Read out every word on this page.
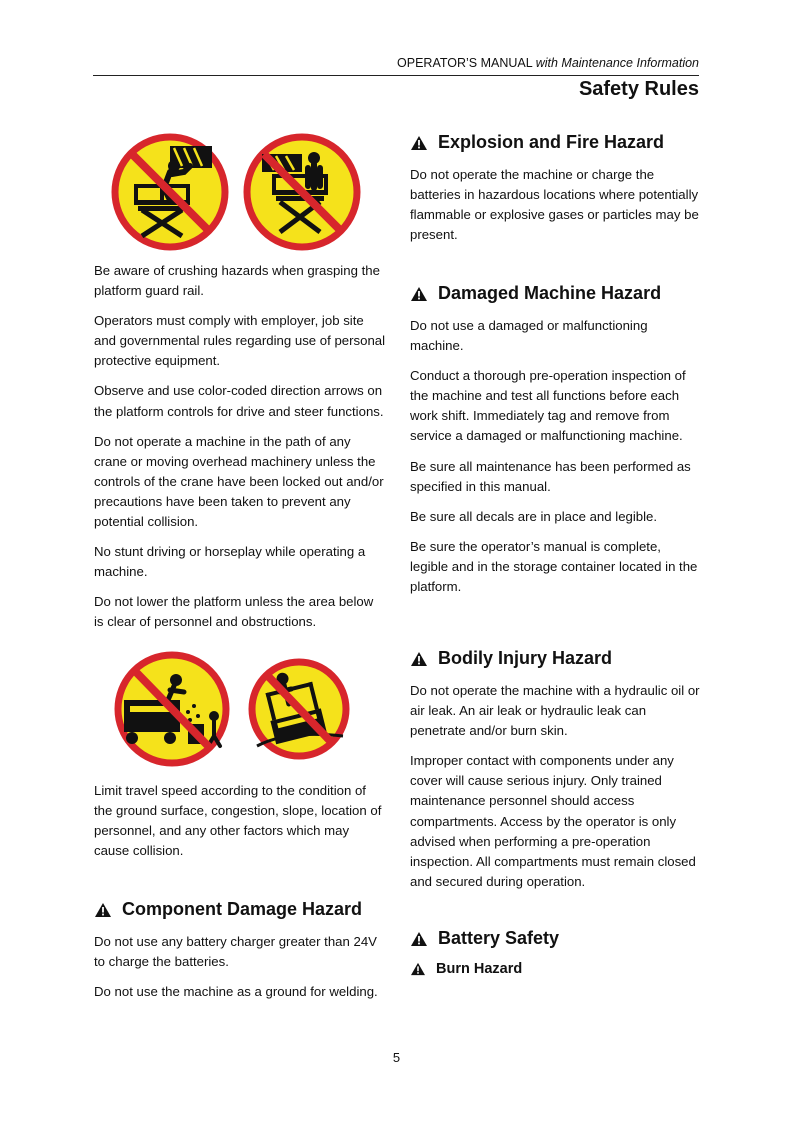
OPERATOR’S MANUAL with Maintenance Information
Safety Rules

Be aware of crushing hazards when grasping the platform guard rail.

Operators must comply with employer, job site and governmental rules regarding use of personal protective equipment.

Observe and use color-coded direction arrows on the platform controls for drive and steer functions.

Do not operate a machine in the path of any crane or moving overhead machinery unless the controls of the crane have been locked out and/or precautions have been taken to prevent any potential collision.

No stunt driving or horseplay while operating a machine.

Do not lower the platform unless the area below is clear of personnel and obstructions.

Limit travel speed according to the condition of the ground surface, congestion, slope, location of personnel, and any other factors which may cause collision.

Component Damage Hazard

Do not use any battery charger greater than 24V to charge the batteries.

Do not use the machine as a ground for welding.

Explosion and Fire Hazard

Do not operate the machine or charge the batteries in hazardous locations where potentially flammable or explosive gases or particles may be present.

Damaged Machine Hazard

Do not use a damaged or malfunctioning machine.

Conduct a thorough pre-operation inspection of the machine and test all functions before each work shift. Immediately tag and remove from service a damaged or malfunctioning machine.

Be sure all maintenance has been performed as specified in this manual.

Be sure all decals are in place and legible.

Be sure the operator’s manual is complete, legible and in the storage container located in the platform.

Bodily Injury Hazard

Do not operate the machine with a hydraulic oil or air leak. An air leak or hydraulic leak can penetrate and/or burn skin.

Improper contact with components under any cover will cause serious injury. Only trained maintenance personnel should access compartments. Access by the operator is only advised when performing a pre-operation inspection. All compartments must remain closed and secured during operation.

Battery Safety
Burn Hazard
5
